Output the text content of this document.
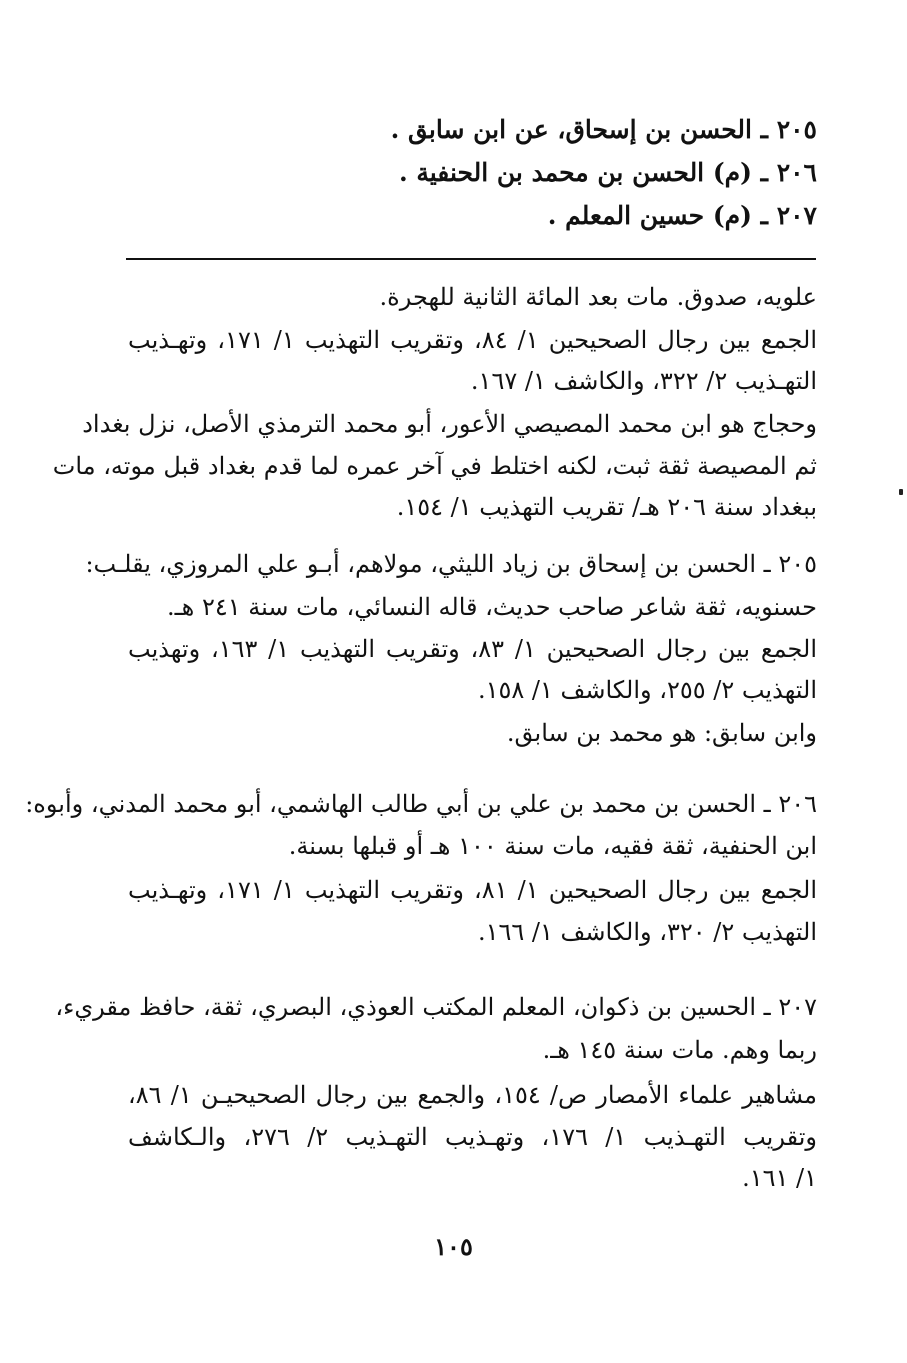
٢٠٥ ـ الحسن بن إسحاق، عن ابن سابق .
٢٠٦ ـ (م) الحسن بن محمد بن الحنفية .
٢٠٧ ـ (م) حسين المعلم .
علويه، صدوق. مات بعد المائة الثانية للهجرة.
الجمع بين رجال الصحيحين ١/ ٨٤، وتقريب التهذيب ١/ ١٧١، وتهـذيب
التهـذيب ٢/ ٣٢٢، والكاشف ١/ ١٦٧.
وحجاج هو ابن محمد المصيصي الأعور، أبو محمد الترمذي الأصل، نزل بغداد
ثم المصيصة ثقة ثبت، لكنه اختلط في آخر عمره لما قدم بغداد قبل موته، مات
ببغداد سنة ٢٠٦ هـ/ تقريب التهذيب ١/ ١٥٤.
٢٠٥ ـ الحسن بن إسحاق بن زياد الليثي، مولاهم، أبـو علي المروزي، يقلـب:
حسنويه، ثقة شاعر صاحب حديث، قاله النسائي، مات سنة ٢٤١ هـ.
الجمع بين رجال الصحيحين ١/ ٨٣، وتقريب التهذيب ١/ ١٦٣، وتهذيب
التهذيب ٢/ ٢٥٥، والكاشف ١/ ١٥٨.
وابن سابق: هو محمد بن سابق.
٢٠٦ ـ الحسن بن محمد بن علي بن أبي طالب الهاشمي، أبو محمد المدني، وأبوه:
ابن الحنفية، ثقة فقيه، مات سنة ١٠٠ هـ أو قبلها بسنة.
الجمع بين رجال الصحيحين ١/ ٨١، وتقريب التهذيب ١/ ١٧١، وتهـذيب
التهذيب ٢/ ٣٢٠، والكاشف ١/ ١٦٦.
٢٠٧ ـ الحسين بن ذكوان، المعلم المكتب العوذي، البصري، ثقة، حافظ مقريء،
ربما وهم. مات سنة ١٤٥ هـ.
مشاهير علماء الأمصار ص/ ١٥٤، والجمع بين رجال الصحيحيـن ١/ ٨٦،
وتقريب التهـذيب ١/ ١٧٦، وتهـذيب التهـذيب ٢/ ٢٧٦، والـكاشف
١/ ١٦١.
١٠٥
